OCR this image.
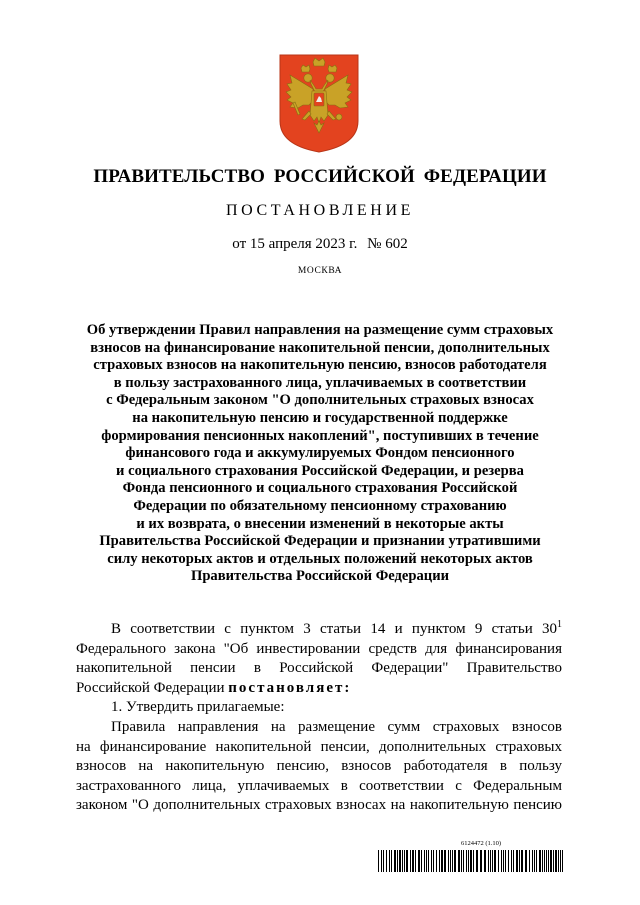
ПРАВИТЕЛЬСТВО РОССИЙСКОЙ ФЕДЕРАЦИИ
ПОСТАНОВЛЕНИЕ
от 15 апреля 2023 г. № 602
МОСКВА
Об утверждении Правил направления на размещение сумм страховых
взносов на финансирование накопительной пенсии, дополнительных
страховых взносов на накопительную пенсию, взносов работодателя
в пользу застрахованного лица, уплачиваемых в соответствии
с Федеральным законом "О дополнительных страховых взносах
на накопительную пенсию и государственной поддержке
формирования пенсионных накоплений", поступивших в течение
финансового года и аккумулируемых Фондом пенсионного
и социального страхования Российской Федерации, и резерва
Фонда пенсионного и социального страхования Российской
Федерации по обязательному пенсионному страхованию
и их возврата, о внесении изменений в некоторые акты
Правительства Российской Федерации и признании утратившими
силу некоторых актов и отдельных положений некоторых актов
Правительства Российской Федерации
В соответствии с пунктом 3 статьи 14 и пунктом 9 статьи $30^1$
Федерального закона "Об инвестировании средств для финансирования
накопительной пенсии в Российской Федерации" Правительство
Российской Федерации постановляет:
1. Утвердить прилагаемые:
Правила направления на размещение сумм страховых взносов
на финансирование накопительной пенсии, дополнительных страховых
взносов на накопительную пенсию, взносов работодателя в пользу
застрахованного лица, уплачиваемых в соответствии с Федеральным
законом "О дополнительных страховых взносах на накопительную пенсию
6124472 (1.10)
